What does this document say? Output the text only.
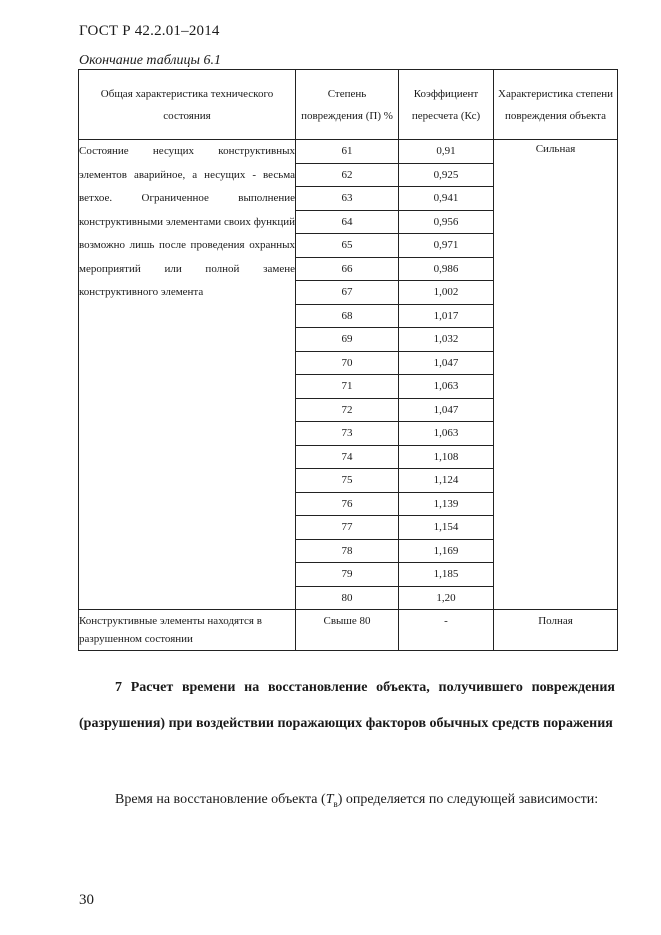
ГОСТ Р 42.2.01–2014
Окончание таблицы 6.1
Общая характеристика технического состояния	Степень повреждения (П) %	Коэффициент пересчета (Кс)	Характеристика степени повреждения объекта
Состояние несущих конструктивных элементов аварийное, а несущих - весьма ветхое. Ограниченное выполнение конструктивными элементами своих функций возможно лишь после проведения охранных мероприятий или полной замене конструктивного элемента	61	0,91	Сильная
	62	0,925	
	63	0,941	
	64	0,956	
	65	0,971	
	66	0,986	
	67	1,002	
	68	1,017	
	69	1,032	
	70	1,047	
	71	1,063	
	72	1,047	
	73	1,063	
	74	1,108	
	75	1,124	
	76	1,139	
	77	1,154	
	78	1,169	
	79	1,185	
	80	1,20	
Конструктивные элементы находятся в разрушенном состоянии	Свыше 80	-	Полная
7 Расчет времени на восстановление объекта, получившего повреждения (разрушения) при воздействии поражающих факторов обычных средств поражения
Время на восстановление объекта $(Т_в)$ определяется по следующей зависимости:
30
